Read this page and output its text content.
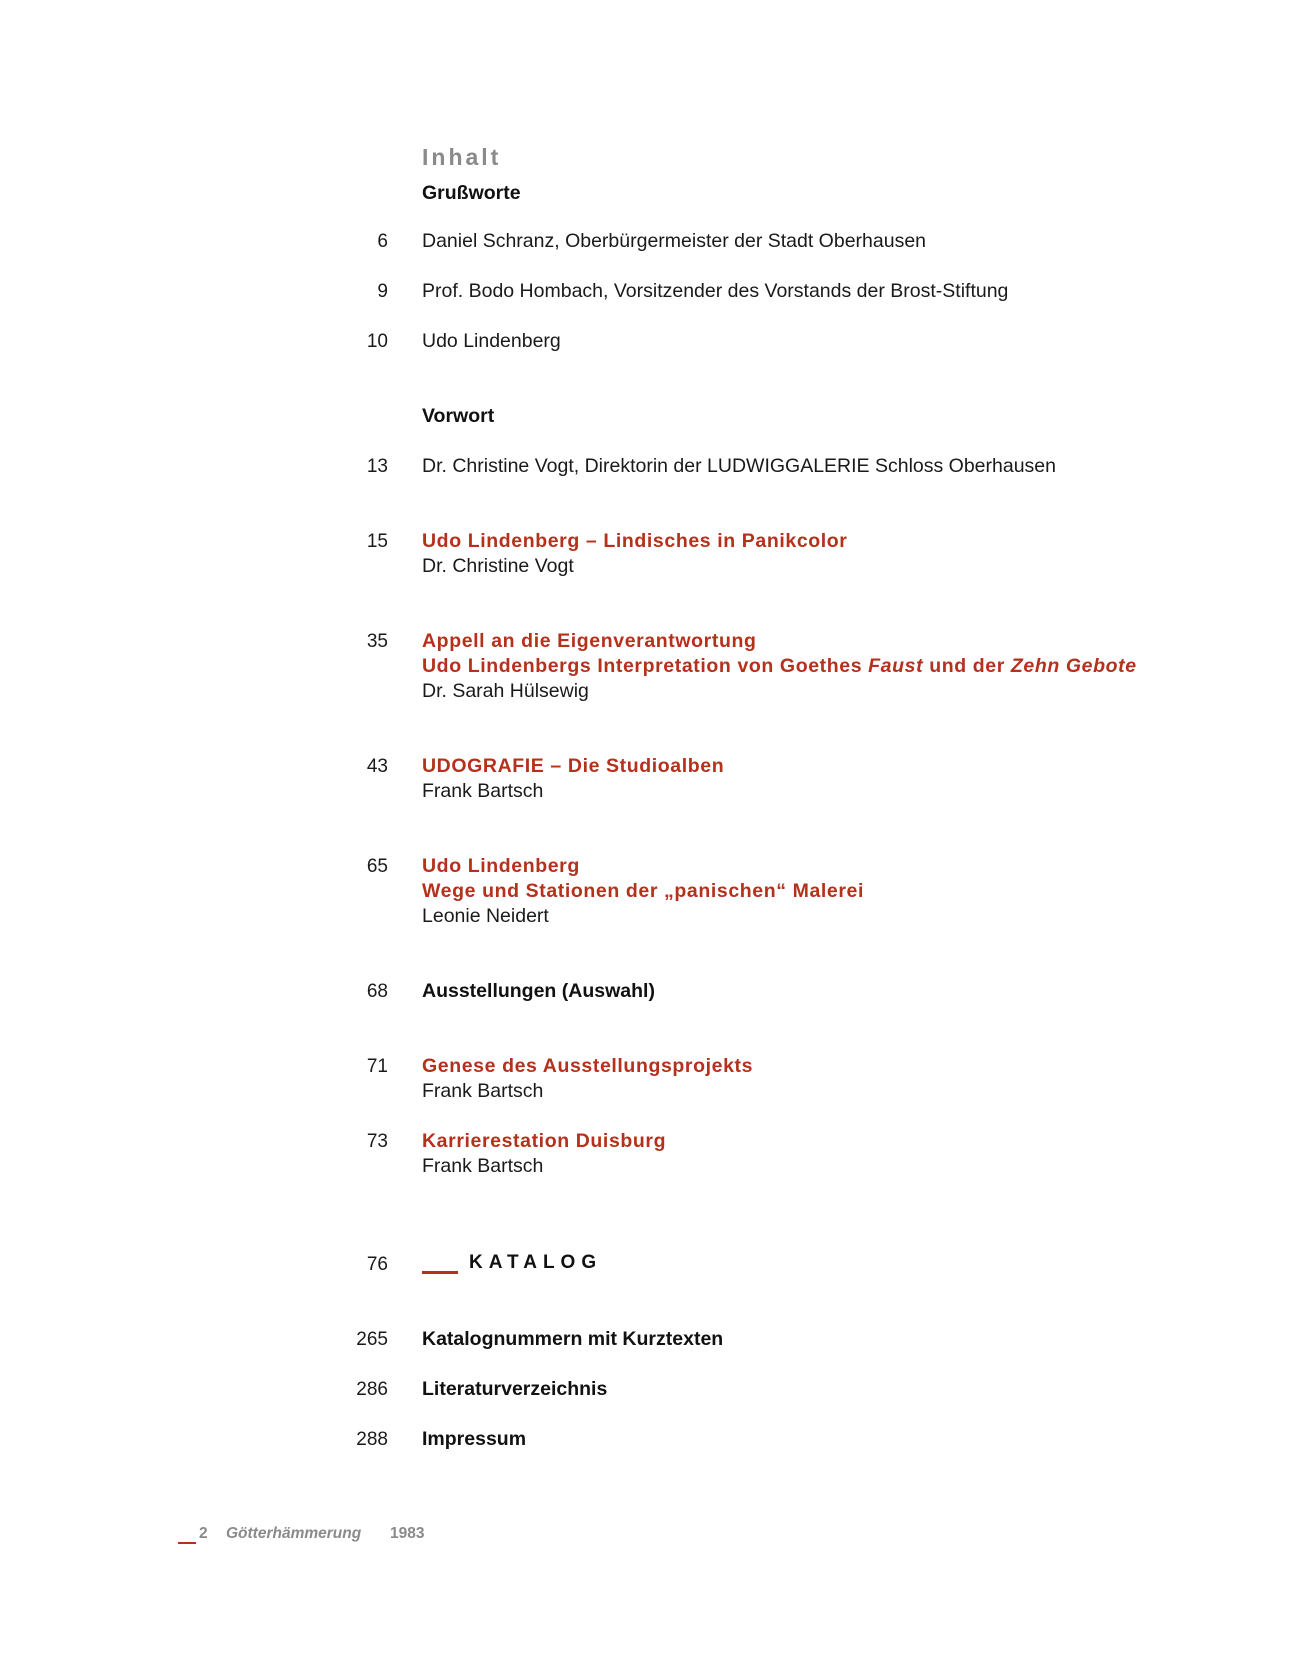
Inhalt
Grußworte
6 Daniel Schranz, Oberbürgermeister der Stadt Oberhausen
9 Prof. Bodo Hombach, Vorsitzender des Vorstands der Brost-Stiftung
10 Udo Lindenberg
Vorwort
13 Dr. Christine Vogt, Direktorin der LUDWIGGALERIE Schloss Oberhausen
15 Udo Lindenberg – Lindisches in Panikcolor
Dr. Christine Vogt
35 Appell an die Eigenverantwortung
Udo Lindenbergs Interpretation von Goethes Faust und der Zehn Gebote
Dr. Sarah Hülsewig
43 UDOGRAFIE – Die Studioalben
Frank Bartsch
65 Udo Lindenberg
Wege und Stationen der „panischen“ Malerei
Leonie Neidert
68 Ausstellungen (Auswahl)
71 Genese des Ausstellungsprojekts
Frank Bartsch
73 Karrierestation Duisburg
Frank Bartsch
76	KATALOG
265 Katalognummern mit Kurztexten
286 Literaturverzeichnis
288 Impressum
2 Götterhämmerung 1983
